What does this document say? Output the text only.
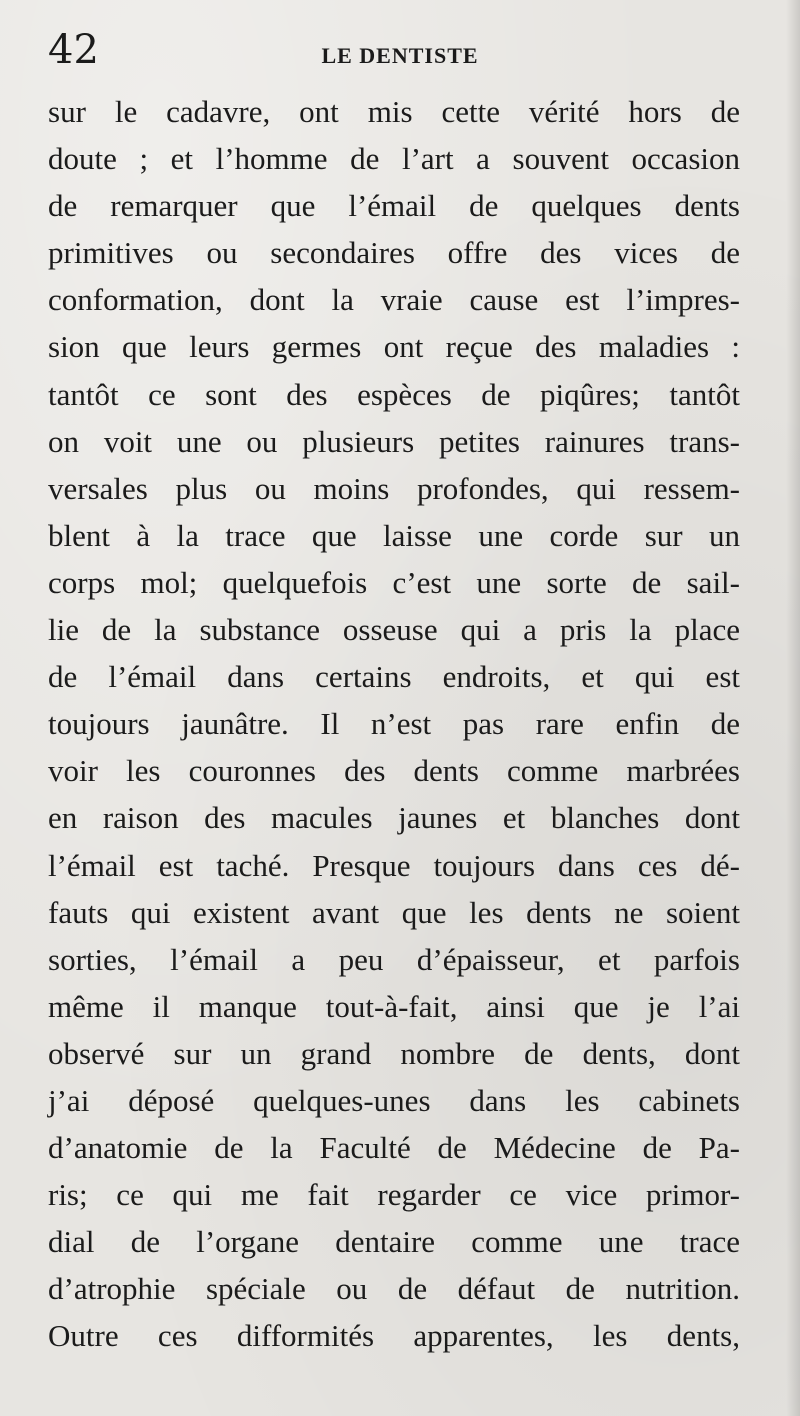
42	LE DENTISTE
sur le cadavre, ont mis cette vérité hors de
doute ; et l’homme de l’art a souvent occasion
de remarquer que l’émail de quelques dents
primitives ou secondaires offre des vices de
conformation, dont la vraie cause est l’impres-
sion que leurs germes ont reçue des maladies :
tantôt ce sont des espèces de piqûres; tantôt
on voit une ou plusieurs petites rainures trans-
versales plus ou moins profondes, qui ressem-
blent à la trace que laisse une corde sur un
corps mol; quelquefois c’est une sorte de sail-
lie de la substance osseuse qui a pris la place
de l’émail dans certains endroits, et qui est
toujours jaunâtre. Il n’est pas rare enfin de
voir les couronnes des dents comme marbrées
en raison des macules jaunes et blanches dont
l’émail est taché. Presque toujours dans ces dé-
fauts qui existent avant que les dents ne soient
sorties, l’émail a peu d’épaisseur, et parfois
même il manque tout-à-fait, ainsi que je l’ai
observé sur un grand nombre de dents, dont
j’ai déposé quelques-unes dans les cabinets
d’anatomie de la Faculté de Médecine de Pa-
ris; ce qui me fait regarder ce vice primor-
dial de l’organe dentaire comme une trace
d’atrophie spéciale ou de défaut de nutrition.
Outre ces difformités apparentes, les dents,
